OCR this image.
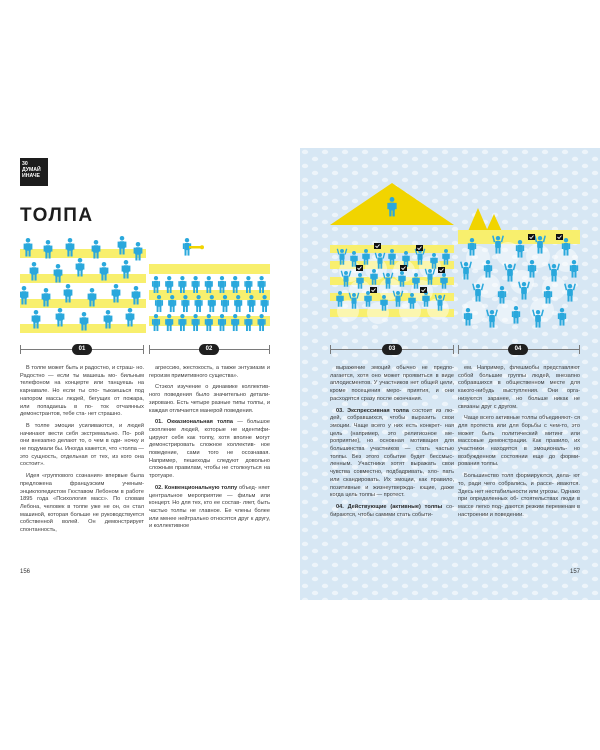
30
ДУМАЙ
ИНАЧЕ
ТОЛПА
01	02

В толпе может быть и радостно, и страш- но. Радостно — если ты машешь мо- бильным телефоном на концерте или танцуешь на карнавале. Но если ты спо- тыкаешься под напором массы людей, бегущих от пожара, или попадаешь в по- ток отчаянных демонстрантов, тебе ста- нет страшно.

В толпе эмоции усиливаются, и людей начинают вести себя экстремально. По- рой они внезапно делают то, о чем в оди- ночку и не подумали бы. Иногда кажется, что «толпа — это сущность, отдельная от тех, из кого она состоит».

Идея «группового сознания» впервые была предложена французским ученым- энциклопедистом Гюставом Лебоном в работе 1895 года «Психология масс». По словам Лебона, человек в толпе уже не он, он стал машиной, которая больше не руководствуется собственной волей. Он демонстрирует спонтанность,

агрессию, жестокость, а также энтузиазм и героизм примитивного существа».

Стэкол изучение о динамике коллектив- ного поведения было значительно детали- зировано. Есть четыре разные типы толпы, и каждая отличается манерой поведения.

01. Окказиональная толпа — большое скопление людей, которые не идентифи- цируют себя как толпу, хотя вполне могут демонстрировать сложное коллектив- ное поведение, сами того не осознавая. Например, пешеходы следуют довольно сложным правилам, чтобы не столкнуться на тротуаре.

02. Конвенциональную толпу объед- няет центральное мероприятие — фильм или концерт. Но для тех, кто ее состав- ляет, быть частью толпы не главное. Ее члены более или менее нейтрально относятся друг к другу, и коллективное

156
03	04

выражение эмоций обычно не предпо- лагается, хотя оно может проявиться в виде аплодисментов. У участников нет общей цели, кроме посещения меро- приятия, и они расходятся сразу после окончания.

03. Экспрессивная толпа состоит из лю- дей, собравшихся, чтобы выразить свои эмоции. Чаще всего у них есть конкрет- ная цель (например, это религиозное ме- роприятие), но основная мотивация для большинства участников — стать частью толпы. Без этого событие будет бессмыс- ленным. Участники хотят выражать свои чувства совместно, подбадривать, хло- пать или скандировать. Их эмоции, как правило, позитивные и жизнеутвержда- ющие, даже когда цель толпы — протест.

04. Действующие (активные) толпы со- бираются, чтобы самими стать событи-

ем. Например, флешмобы представляют собой большие группы людей, внезапно собравшихся в общественном месте для какого-нибудь выступления. Они орга- низуются заранее, но больше никак не связаны друг с другом.

Чаще всего активные толпы объединяют- ся для протеста или для борьбы с чем-то, это может быть политический митинг или массовые демонстрации. Как правило, их участники находятся в эмоциональ- но возбужденном состоянии еще до форми- рования толпы.

Большинство толп формируются, дела- ют то, ради чего собрались, и рассе- иваются. Здесь нет нестабильности или угрозы. Однако при определенных об- стоятельствах люди в массе легко под- даются резким переменам в настроении и поведении.

157
